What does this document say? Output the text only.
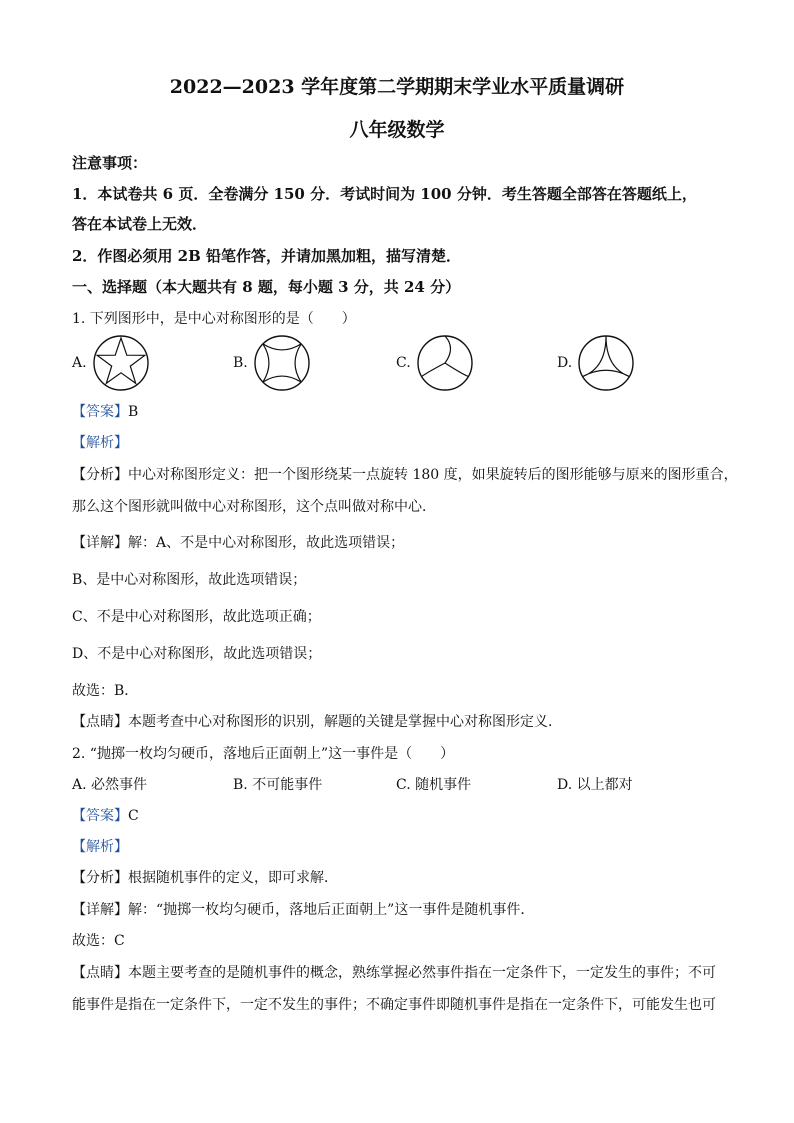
2022—2023 学年度第二学期期末学业水平质量调研
八年级数学
注意事项：
1．本试卷共 6 页．全卷满分 150 分．考试时间为 100 分钟．考生答题全部答在答题纸上，
答在本试卷上无效．
2．作图必须用 2B 铅笔作答，并请加黑加粗，描写清楚．
一、选择题（本大题共有 8 题，每小题 3 分，共 24 分）
1. 下列图形中，是中心对称图形的是（　　）
A.	B.	C.	D.
【答案】B
【解析】
【分析】中心对称图形定义：把一个图形绕某一点旋转 180 度，如果旋转后的图形能够与原来的图形重合，
那么这个图形就叫做中心对称图形，这个点叫做对称中心．
【详解】解：A、不是中心对称图形，故此选项错误；
B、是中心对称图形，故此选项错误；
C、不是中心对称图形，故此选项正确；
D、不是中心对称图形，故此选项错误；
故选：B．
【点睛】本题考查中心对称图形的识别，解题的关键是掌握中心对称图形定义．
2. “抛掷一枚均匀硬币，落地后正面朝上”这一事件是（　　）
A. 必然事件	B. 不可能事件	C. 随机事件	D. 以上都对
【答案】C
【解析】
【分析】根据随机事件的定义，即可求解．
【详解】解：“抛掷一枚均匀硬币，落地后正面朝上”这一事件是随机事件．
故选：C
【点睛】本题主要考查的是随机事件的概念，熟练掌握必然事件指在一定条件下，一定发生的事件；不可
能事件是指在一定条件下，一定不发生的事件；不确定事件即随机事件是指在一定条件下，可能发生也可
